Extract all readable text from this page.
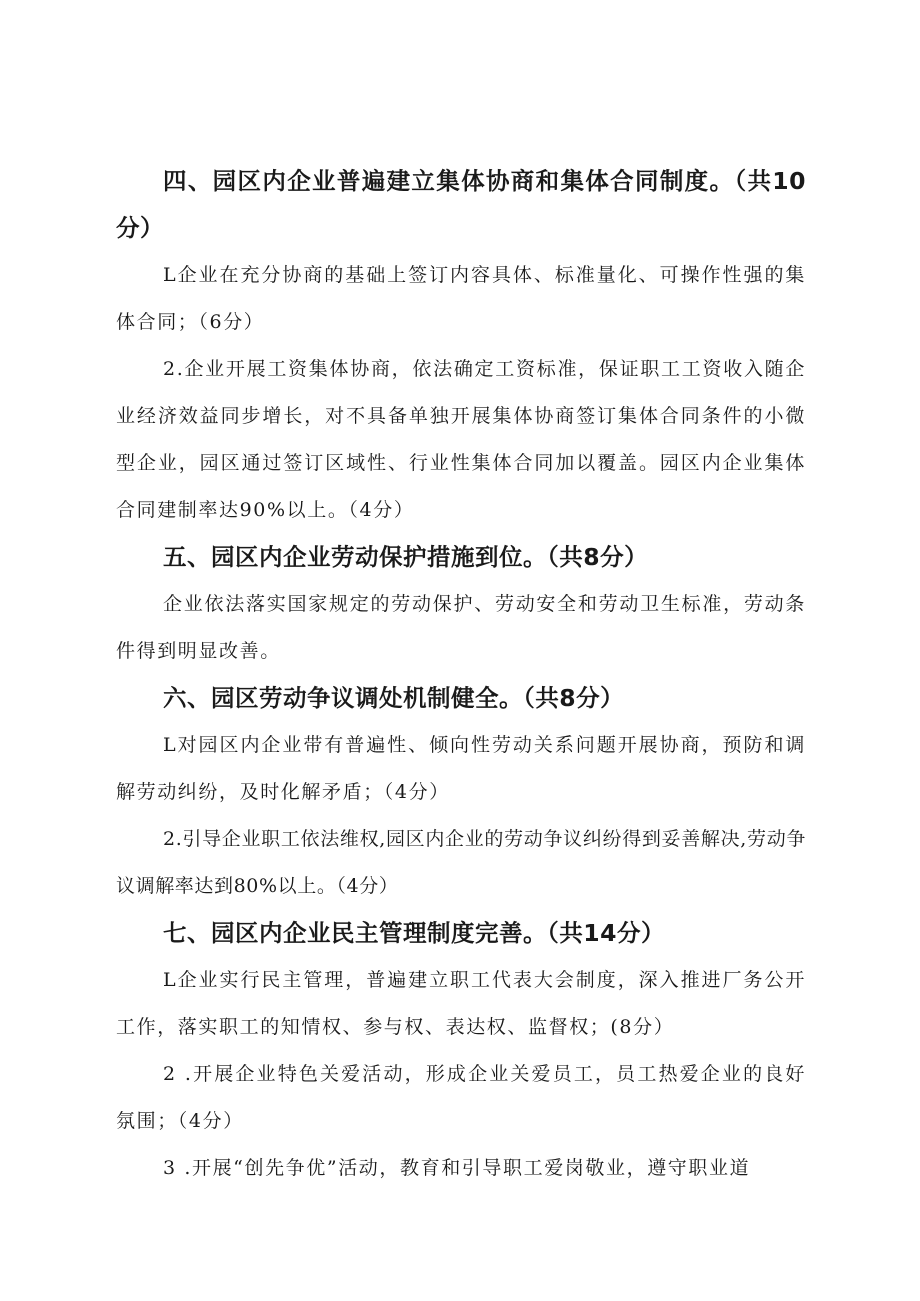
四、园区内企业普遍建立集体协商和集体合同制度。（共10分）

L企业在充分协商的基础上签订内容具体、标准量化、可操作性强的集体合同；（6分）

2.企业开展工资集体协商，依法确定工资标准，保证职工工资收入随企业经济效益同步增长，对不具备单独开展集体协商签订集体合同条件的小微型企业，园区通过签订区域性、行业性集体合同加以覆盖。园区内企业集体合同建制率达90%以上。（4分）

五、园区内企业劳动保护措施到位。（共8分）

企业依法落实国家规定的劳动保护、劳动安全和劳动卫生标准，劳动条件得到明显改善。

六、园区劳动争议调处机制健全。（共8分）

L对园区内企业带有普遍性、倾向性劳动关系问题开展协商，预防和调解劳动纠纷，及时化解矛盾；（4分）

2.引导企业职工依法维权,园区内企业的劳动争议纠纷得到妥善解决,劳动争议调解率达到80%以上。（4分）

七、园区内企业民主管理制度完善。（共14分）

L企业实行民主管理，普遍建立职工代表大会制度，深入推进厂务公开工作，落实职工的知情权、参与权、表达权、监督权；(8分）

2 .开展企业特色关爱活动，形成企业关爱员工，员工热爱企业的良好氛围；（4分）

3 .开展“创先争优”活动，教育和引导职工爱岗敬业，遵守职业道
